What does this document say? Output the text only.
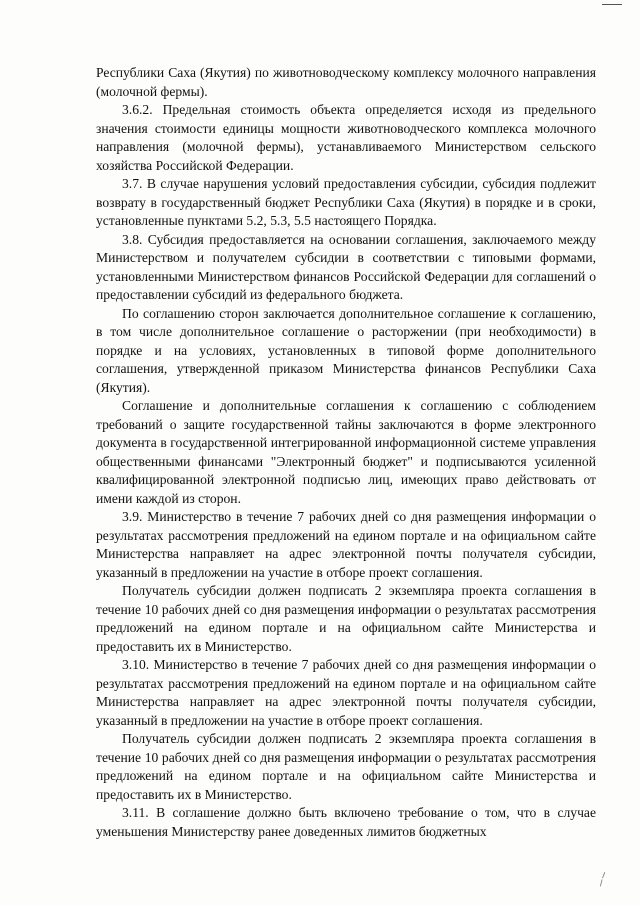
Республики Саха (Якутия) по животноводческому комплексу молочного направления (молочной фермы).

3.6.2. Предельная стоимость объекта определяется исходя из предельного значения стоимости единицы мощности животноводческого комплекса молочного направления (молочной фермы), устанавливаемого Министерством сельского хозяйства Российской Федерации.

3.7. В случае нарушения условий предоставления субсидии, субсидия подлежит возврату в государственный бюджет Республики Саха (Якутия) в порядке и в сроки, установленные пунктами 5.2, 5.3, 5.5 настоящего Порядка.

3.8. Субсидия предоставляется на основании соглашения, заключаемого между Министерством и получателем субсидии в соответствии с типовыми формами, установленными Министерством финансов Российской Федерации для соглашений о предоставлении субсидий из федерального бюджета.

По соглашению сторон заключается дополнительное соглашение к соглашению, в том числе дополнительное соглашение о расторжении (при необходимости) в порядке и на условиях, установленных в типовой форме дополнительного соглашения, утвержденной приказом Министерства финансов Республики Саха (Якутия).

Соглашение и дополнительные соглашения к соглашению с соблюдением требований о защите государственной тайны заключаются в форме электронного документа в государственной интегрированной информационной системе управления общественными финансами "Электронный бюджет" и подписываются усиленной квалифицированной электронной подписью лиц, имеющих право действовать от имени каждой из сторон.

3.9. Министерство в течение 7 рабочих дней со дня размещения информации о результатах рассмотрения предложений на едином портале и на официальном сайте Министерства направляет на адрес электронной почты получателя субсидии, указанный в предложении на участие в отборе проект соглашения.

Получатель субсидии должен подписать 2 экземпляра проекта соглашения в течение 10 рабочих дней со дня размещения информации о результатах рассмотрения предложений на едином портале и на официальном сайте Министерства и предоставить их в Министерство.

3.10. Министерство в течение 7 рабочих дней со дня размещения информации о результатах рассмотрения предложений на едином портале и на официальном сайте Министерства направляет на адрес электронной почты получателя субсидии, указанный в предложении на участие в отборе проект соглашения.

Получатель субсидии должен подписать 2 экземпляра проекта соглашения в течение 10 рабочих дней со дня размещения информации о результатах рассмотрения предложений на едином портале и на официальном сайте Министерства и предоставить их в Министерство.

3.11. В соглашение должно быть включено требование о том, что в случае уменьшения Министерству ранее доведенных лимитов бюджетных
